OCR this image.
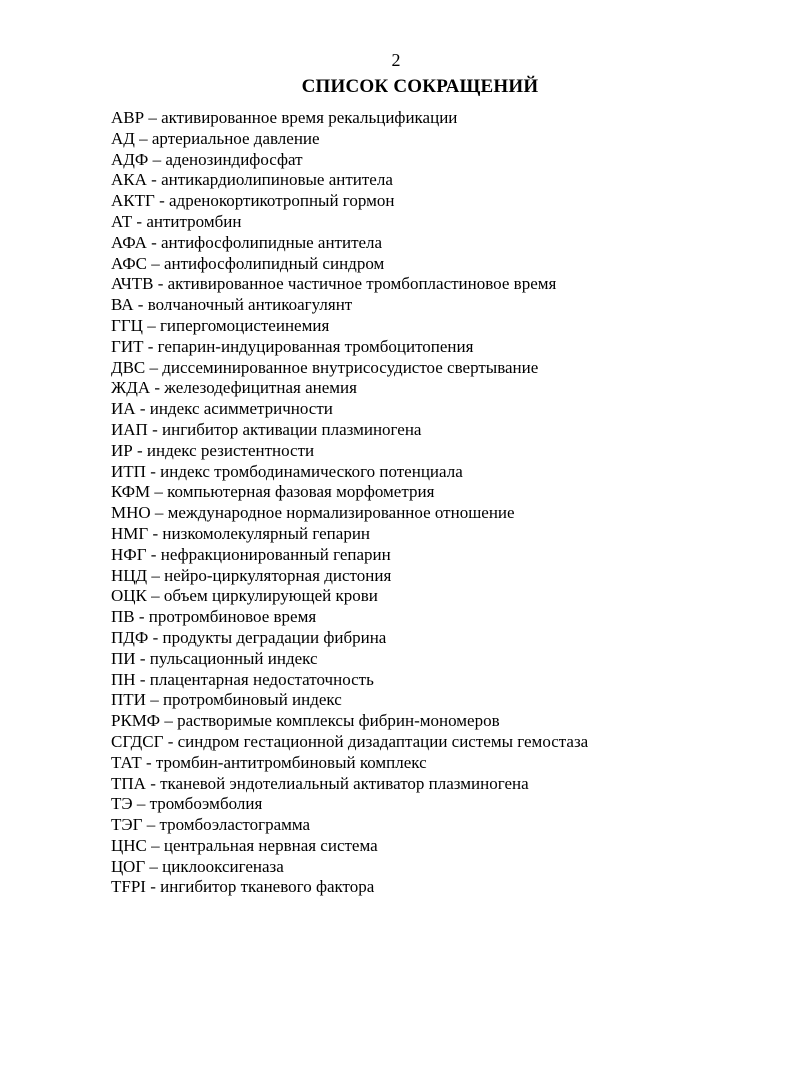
2
СПИСОК СОКРАЩЕНИЙ
АВР – активированное время рекальцификации
АД – артериальное давление
АДФ – аденозиндифосфат
АКА - антикардиолипиновые антитела
АКТГ - адренокортикотропный гормон
АТ - антитромбин
АФА - антифосфолипидные антитела
АФС – антифосфолипидный синдром
АЧТВ - активированное частичное тромбопластиновое время
ВА - волчаночный антикоагулянт
ГГЦ – гипергомоцистеинемия
ГИТ - гепарин-индуцированная тромбоцитопения
ДВС – диссеминированное внутрисосудистое свертывание
ЖДА - железодефицитная анемия
ИА - индекс асимметричности
ИАП - ингибитор активации плазминогена
ИР - индекс резистентности
ИТП - индекс тромбодинамического потенциала
КФМ – компьютерная фазовая морфометрия
МНО – международное нормализированное отношение
НМГ - низкомолекулярный гепарин
НФГ - нефракционированный гепарин
НЦД – нейро-циркуляторная дистония
ОЦК – объем циркулирующей крови
ПВ - протромбиновое время
ПДФ - продукты деградации фибрина
ПИ - пульсационный индекс
ПН - плацентарная недостаточность
ПТИ – протромбиновый индекс
РКМФ – растворимые комплексы фибрин-мономеров
СГДСГ - синдром гестационной дизадаптации системы гемостаза
ТАТ - тромбин-антитромбиновый комплекс
ТПА - тканевой эндотелиальный активатор плазминогена
ТЭ – тромбоэмболия
ТЭГ – тромбоэластограмма
ЦНС – центральная нервная система
ЦОГ – циклооксигеназа
TFPI - ингибитор тканевого фактора
